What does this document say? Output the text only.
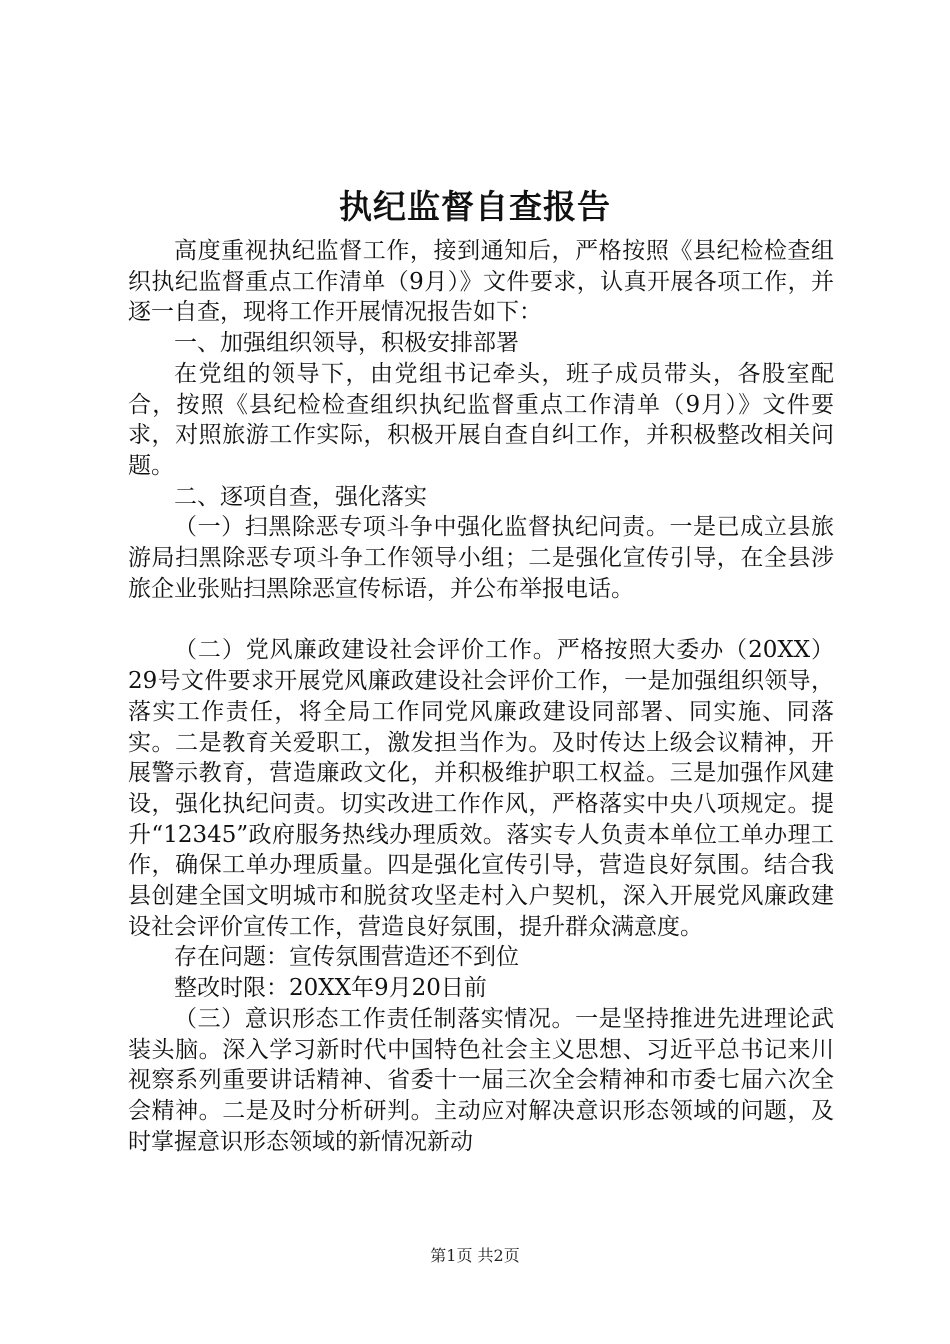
执纪监督自查报告

高度重视执纪监督工作，接到通知后，严格按照《县纪检检查组织执纪监督重点工作清单（9月）》文件要求，认真开展各项工作，并逐一自查，现将工作开展情况报告如下：

一、加强组织领导，积极安排部署

在党组的领导下，由党组书记牵头，班子成员带头，各股室配合，按照《县纪检检查组织执纪监督重点工作清单（9月）》文件要求，对照旅游工作实际，积极开展自查自纠工作，并积极整改相关问题。

二、逐项自查，强化落实

（一）扫黑除恶专项斗争中强化监督执纪问责。一是已成立县旅游局扫黑除恶专项斗争工作领导小组；二是强化宣传引导，在全县涉旅企业张贴扫黑除恶宣传标语，并公布举报电话。

（二）党风廉政建设社会评价工作。严格按照大委办（20XX）29号文件要求开展党风廉政建设社会评价工作，一是加强组织领导，落实工作责任，将全局工作同党风廉政建设同部署、同实施、同落实。二是教育关爱职工，激发担当作为。及时传达上级会议精神，开展警示教育，营造廉政文化，并积极维护职工权益。三是加强作风建设，强化执纪问责。切实改进工作作风，严格落实中央八项规定。提升“12345”政府服务热线办理质效。落实专人负责本单位工单办理工作，确保工单办理质量。四是强化宣传引导，营造良好氛围。结合我县创建全国文明城市和脱贫攻坚走村入户契机，深入开展党风廉政建设社会评价宣传工作，营造良好氛围，提升群众满意度。

存在问题：宣传氛围营造还不到位

整改时限：20XX年9月20日前

（三）意识形态工作责任制落实情况。一是坚持推进先进理论武装头脑。深入学习新时代中国特色社会主义思想、习近平总书记来川视察系列重要讲话精神、省委十一届三次全会精神和市委七届六次全会精神。二是及时分析研判。主动应对解决意识形态领域的问题，及时掌握意识形态领域的新情况新动

第1页 共2页
